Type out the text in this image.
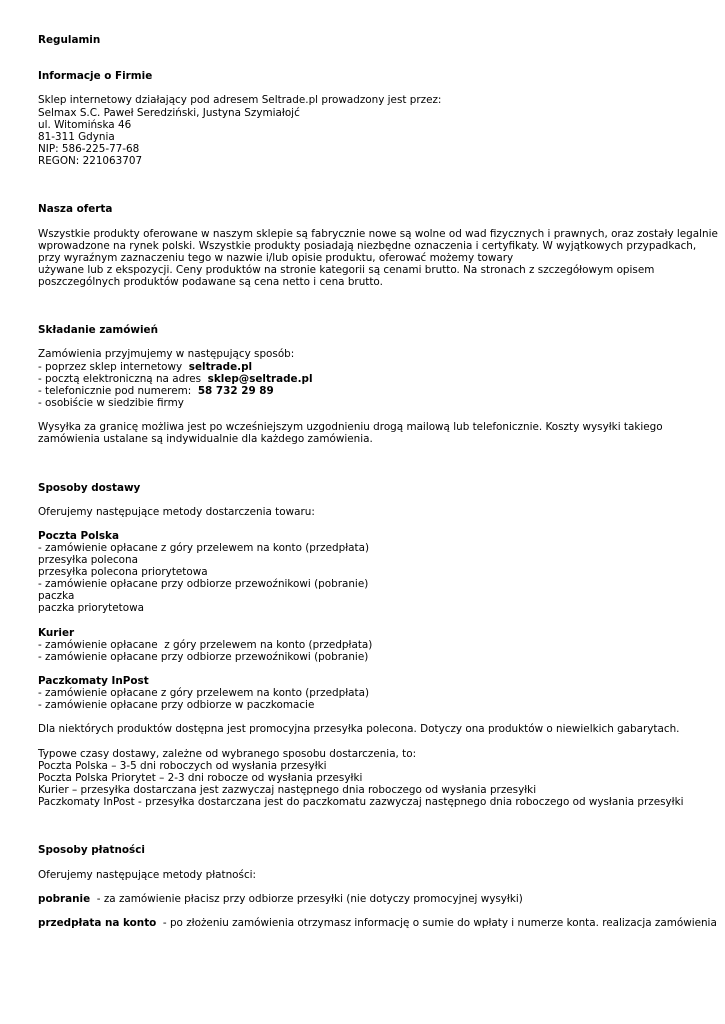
Regulamin
Informacje o Firmie
Sklep internetowy działający pod adresem Seltrade.pl prowadzony jest przez:
Selmax S.C. Paweł Seredziński, Justyna Szymiałojć
ul. Witomińska 46
81-311 Gdynia
NIP: 586-225-77-68
REGON: 221063707
Nasza oferta
Wszystkie produkty oferowane w naszym sklepie są fabrycznie nowe są wolne od wad fizycznych i prawnych, oraz zostały legalnie
wprowadzone na rynek polski. Wszystkie produkty posiadają niezbędne oznaczenia i certyfikaty. W wyjątkowych przypadkach,
przy wyraźnym zaznaczeniu tego w nazwie i/lub opisie produktu, oferować możemy towary
używane lub z ekspozycji. Ceny produktów na stronie kategorii są cenami brutto. Na stronach z szczegółowym opisem
poszczególnych produktów podawane są cena netto i cena brutto.
Składanie zamówień
Zamówienia przyjmujemy w następujący sposób:
- poprzez sklep internetowy  seltrade.pl
- pocztą elektroniczną na adres  sklep@seltrade.pl
- telefonicznie pod numerem:  58 732 29 89
- osobiście w siedzibie firmy
Wysyłka za granicę możliwa jest po wcześniejszym uzgodnieniu drogą mailową lub telefonicznie. Koszty wysyłki takiego
zamówienia ustalane są indywidualnie dla każdego zamówienia.
Sposoby dostawy
Oferujemy następujące metody dostarczenia towaru:
Poczta Polska
- zamówienie opłacane z góry przelewem na konto (przedpłata)
przesyłka polecona
przesyłka polecona priorytetowa
- zamówienie opłacane przy odbiorze przewoźnikowi (pobranie)
paczka
paczka priorytetowa
Kurier
- zamówienie opłacane  z góry przelewem na konto (przedpłata)
- zamówienie opłacane przy odbiorze przewoźnikowi (pobranie)
Paczkomaty InPost
- zamówienie opłacane z góry przelewem na konto (przedpłata)
- zamówienie opłacane przy odbiorze w paczkomacie
Dla niektórych produktów dostępna jest promocyjna przesyłka polecona. Dotyczy ona produktów o niewielkich gabarytach.
Typowe czasy dostawy, zależne od wybranego sposobu dostarczenia, to:
Poczta Polska – 3-5 dni roboczych od wysłania przesyłki
Poczta Polska Priorytet – 2-3 dni robocze od wysłania przesyłki
Kurier – przesyłka dostarczana jest zazwyczaj następnego dnia roboczego od wysłania przesyłki
Paczkomaty InPost - przesyłka dostarczana jest do paczkomatu zazwyczaj następnego dnia roboczego od wysłania przesyłki
Sposoby płatności
Oferujemy następujące metody płatności:
pobranie  - za zamówienie płacisz przy odbiorze przesyłki (nie dotyczy promocyjnej wysyłki)
przedpłata na konto  - po złożeniu zamówienia otrzymasz informację o sumie do wpłaty i numerze konta. realizacja zamówienia
